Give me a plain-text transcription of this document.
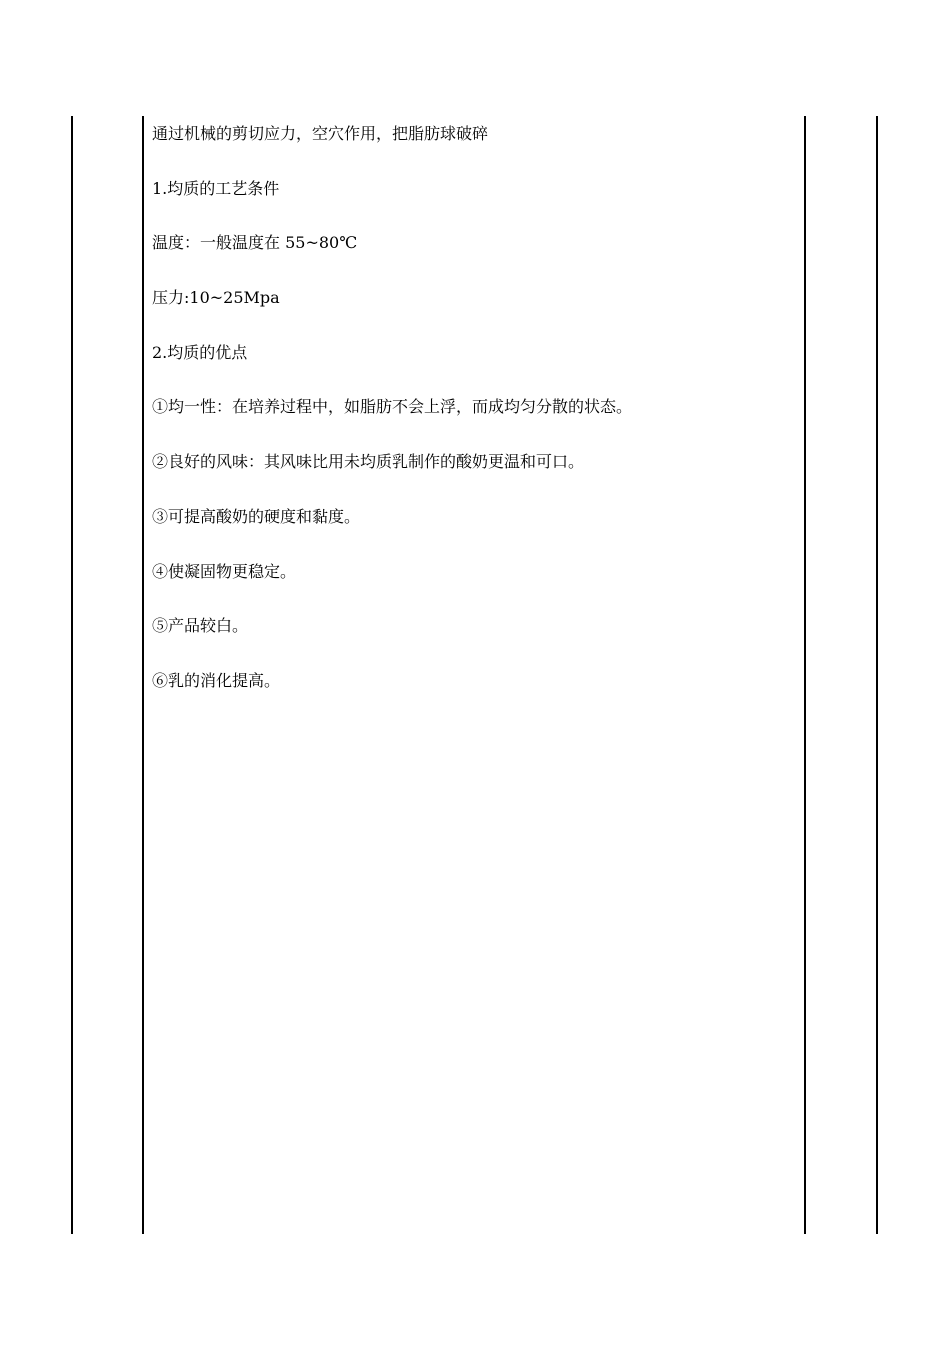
通过机械的剪切应力，空穴作用，把脂肪球破碎
1.均质的工艺条件
温度：一般温度在 55~80℃
压力:10~25Mpa
2.均质的优点
①均一性：在培养过程中，如脂肪不会上浮，而成均匀分散的状态。
②良好的风味：其风味比用未均质乳制作的酸奶更温和可口。
③可提高酸奶的硬度和黏度。
④使凝固物更稳定。
⑤产品较白。
⑥乳的消化提高。
